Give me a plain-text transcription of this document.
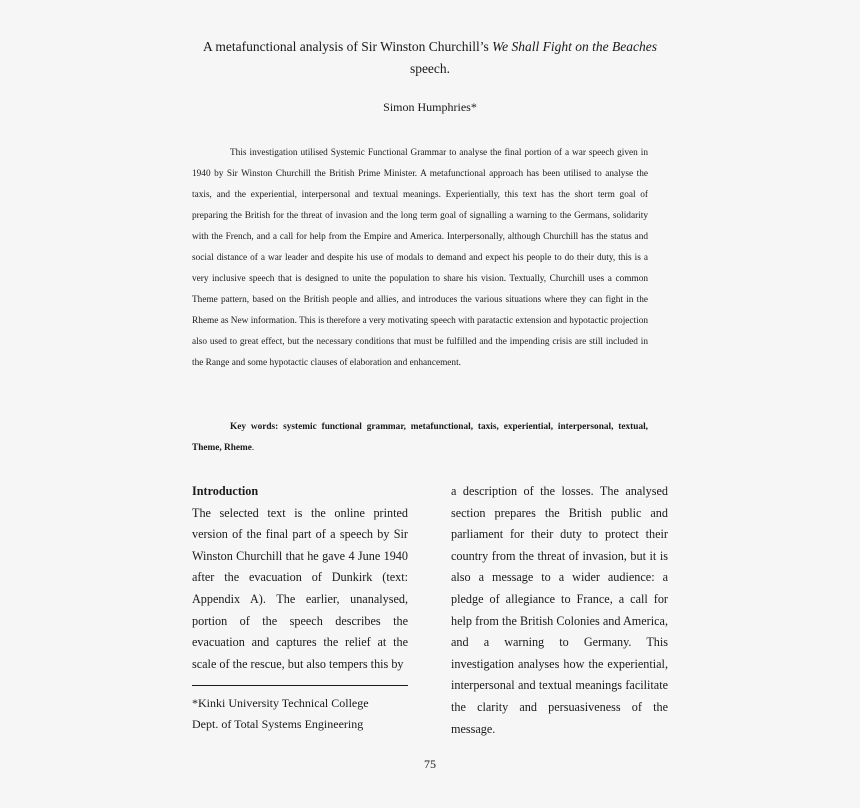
A metafunctional analysis of Sir Winston Churchill’s We Shall Fight on the Beaches speech.
Simon Humphries*
This investigation utilised Systemic Functional Grammar to analyse the final portion of a war speech given in 1940 by Sir Winston Churchill the British Prime Minister. A metafunctional approach has been utilised to analyse the taxis, and the experiential, interpersonal and textual meanings. Experientially, this text has the short term goal of preparing the British for the threat of invasion and the long term goal of signalling a warning to the Germans, solidarity with the French, and a call for help from the Empire and America. Interpersonally, although Churchill has the status and social distance of a war leader and despite his use of modals to demand and expect his people to do their duty, this is a very inclusive speech that is designed to unite the population to share his vision. Textually, Churchill uses a common Theme pattern, based on the British people and allies, and introduces the various situations where they can fight in the Rheme as New information. This is therefore a very motivating speech with paratactic extension and hypotactic projection also used to great effect, but the necessary conditions that must be fulfilled and the impending crisis are still included in the Range and some hypotactic clauses of elaboration and enhancement.
Key words: systemic functional grammar, metafunctional, taxis, experiential, interpersonal, textual, Theme, Rheme.
Introduction
The selected text is the online printed version of the final part of a speech by Sir Winston Churchill that he gave 4 June 1940 after the evacuation of Dunkirk (text: Appendix A). The earlier, unanalysed, portion of the speech describes the evacuation and captures the relief at the scale of the rescue, but also tempers this by
a description of the losses. The analysed section prepares the British public and parliament for their duty to protect their country from the threat of invasion, but it is also a message to a wider audience: a pledge of allegiance to France, a call for help from the British Colonies and America, and a warning to Germany. This investigation analyses how the experiential, interpersonal and textual meanings facilitate the clarity and persuasiveness of the message.
*Kinki University Technical College
Dept. of Total Systems Engineering
75
